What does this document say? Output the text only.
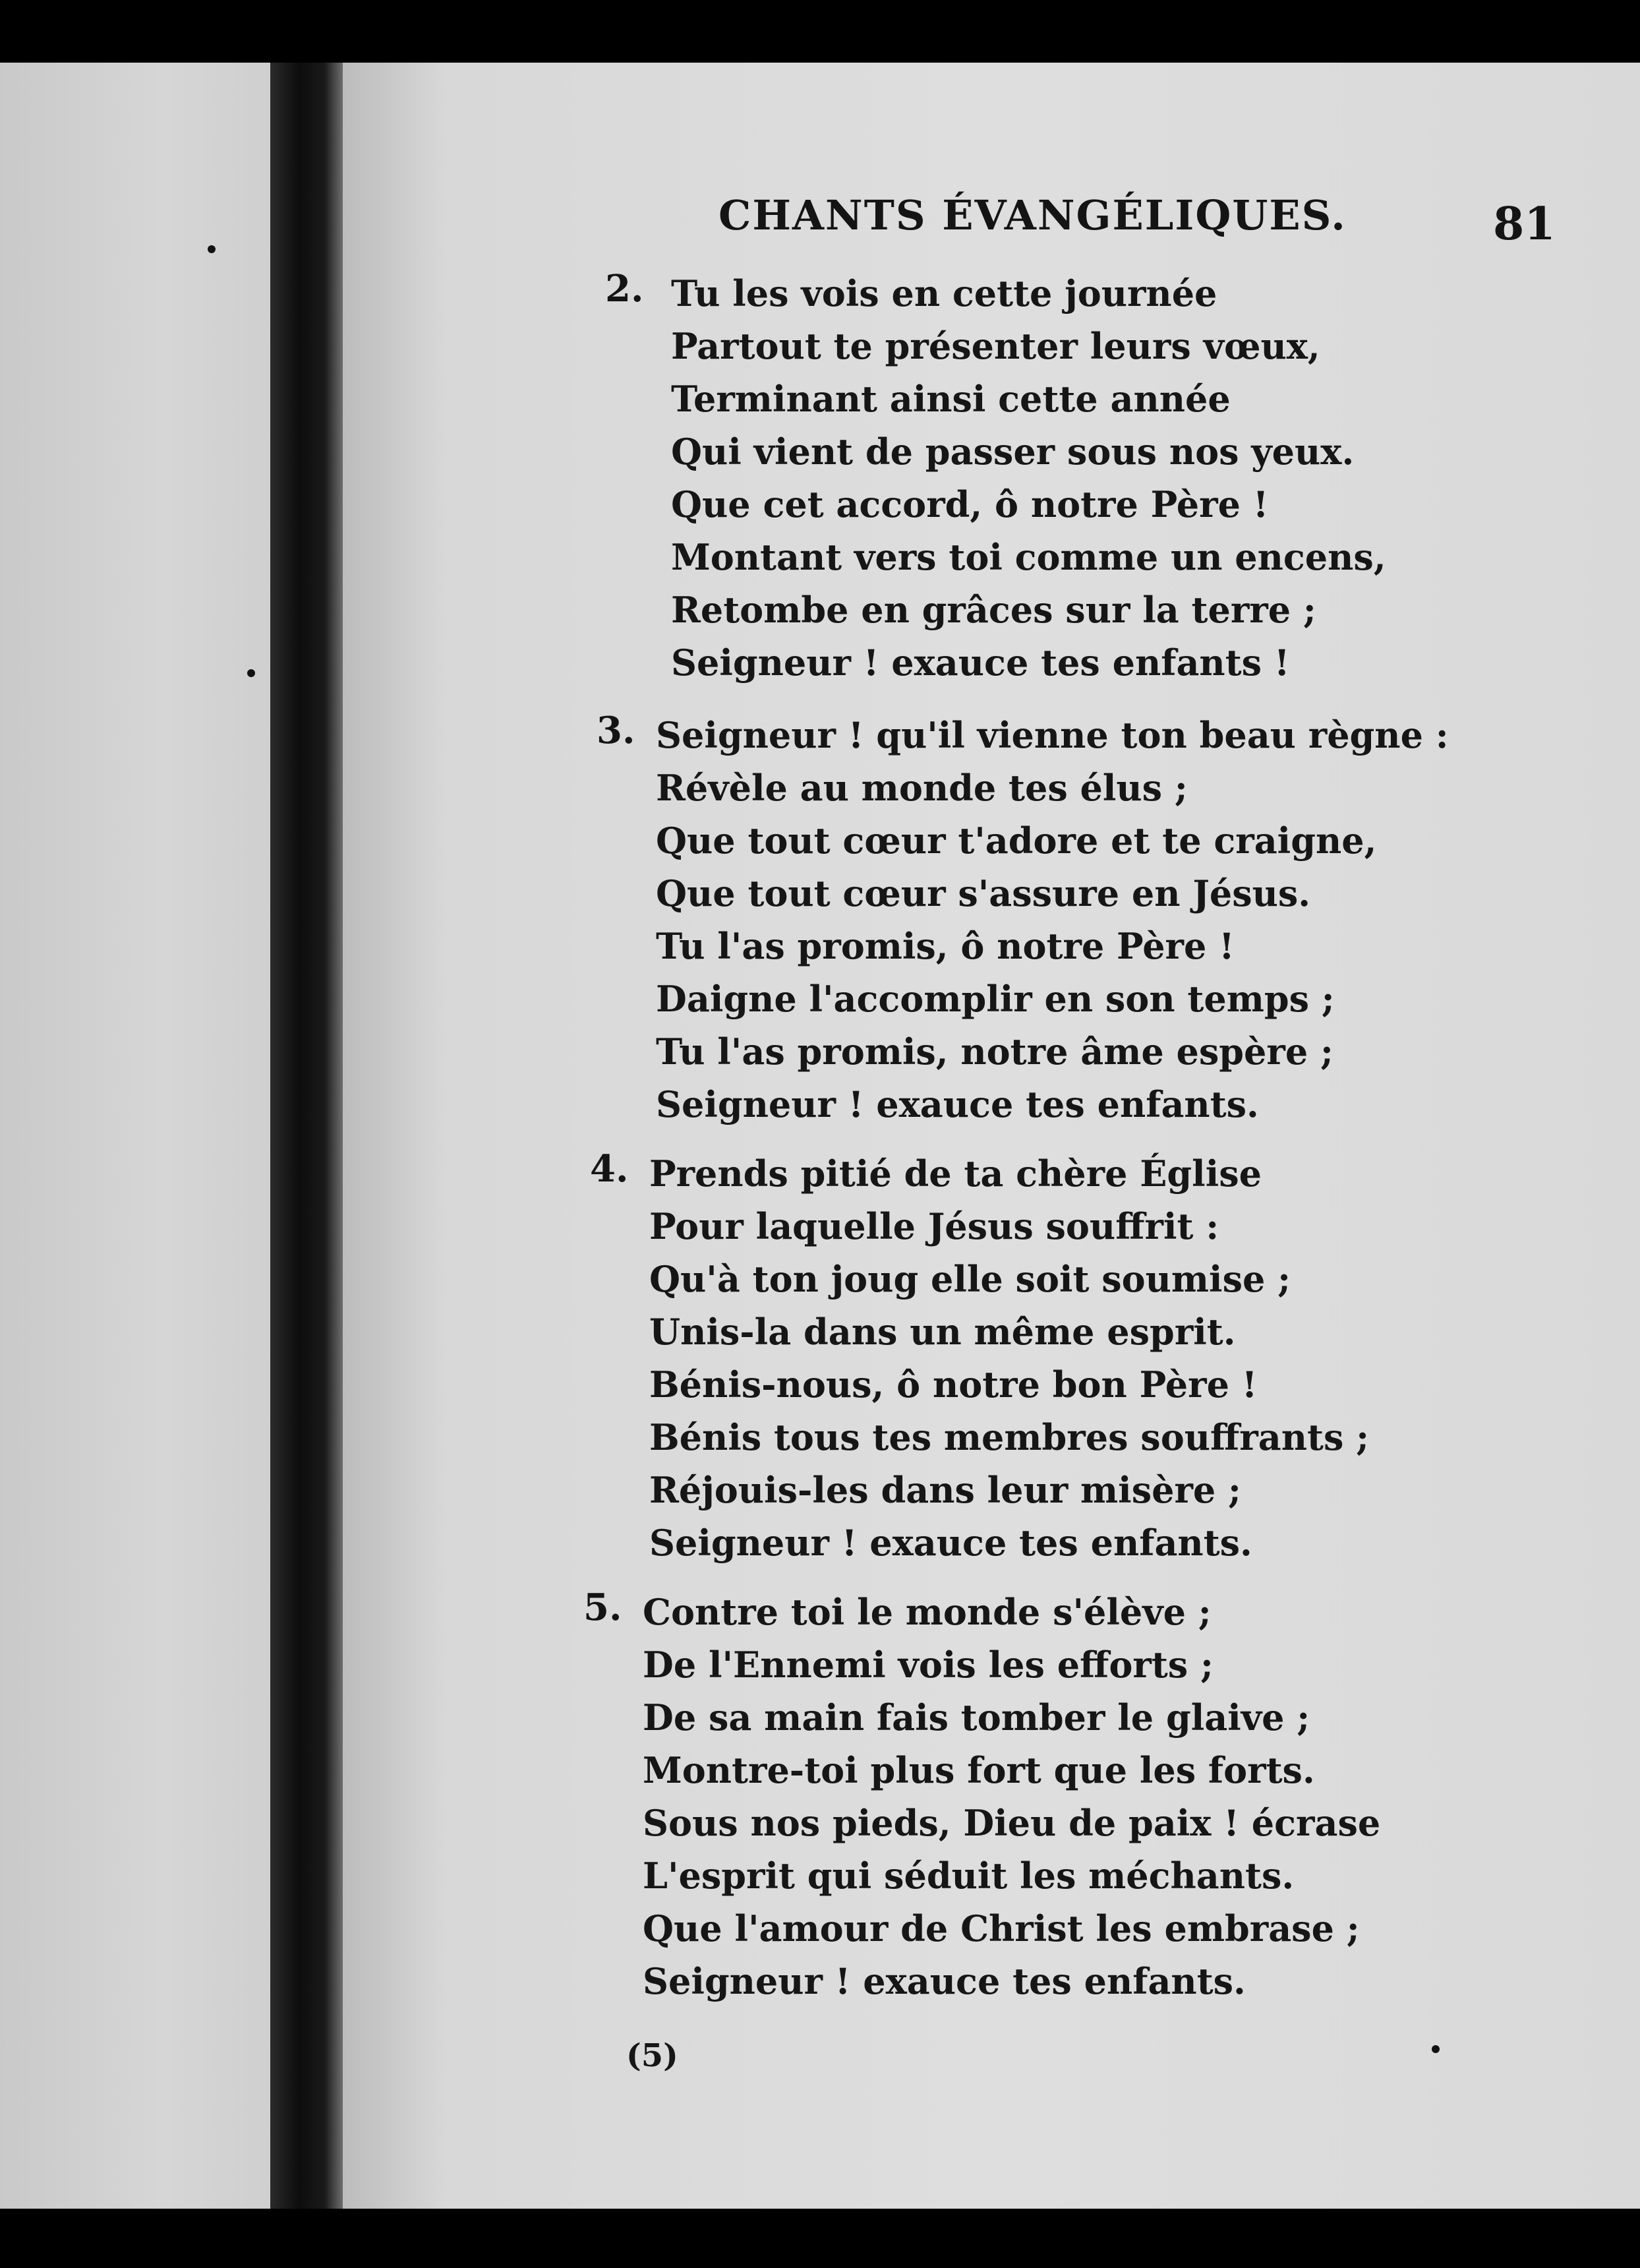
CHANTS ÉVANGÉLIQUES.	81
2. Tu les vois en cette journée
Partout te présenter leurs vœux,
Terminant ainsi cette année
Qui vient de passer sous nos yeux.
Que cet accord, ô notre Père !
Montant vers toi comme un encens,
Retombe en grâces sur la terre ;
Seigneur ! exauce tes enfants !
3. Seigneur ! qu'il vienne ton beau règne :
Révèle au monde tes élus ;
Que tout cœur t'adore et te craigne,
Que tout cœur s'assure en Jésus.
Tu l'as promis, ô notre Père !
Daigne l'accomplir en son temps ;
Tu l'as promis, notre âme espère ;
Seigneur ! exauce tes enfants.
4. Prends pitié de ta chère Église
Pour laquelle Jésus souffrit :
Qu'à ton joug elle soit soumise ;
Unis-la dans un même esprit.
Bénis-nous, ô notre bon Père !
Bénis tous tes membres souffrants ;
Réjouis-les dans leur misère ;
Seigneur ! exauce tes enfants.
5. Contre toi le monde s'élève ;
De l'Ennemi vois les efforts ;
De sa main fais tomber le glaive ;
Montre-toi plus fort que les forts.
Sous nos pieds, Dieu de paix ! écrase
L'esprit qui séduit les méchants.
Que l'amour de Christ les embrase ;
Seigneur ! exauce tes enfants.
(5)
